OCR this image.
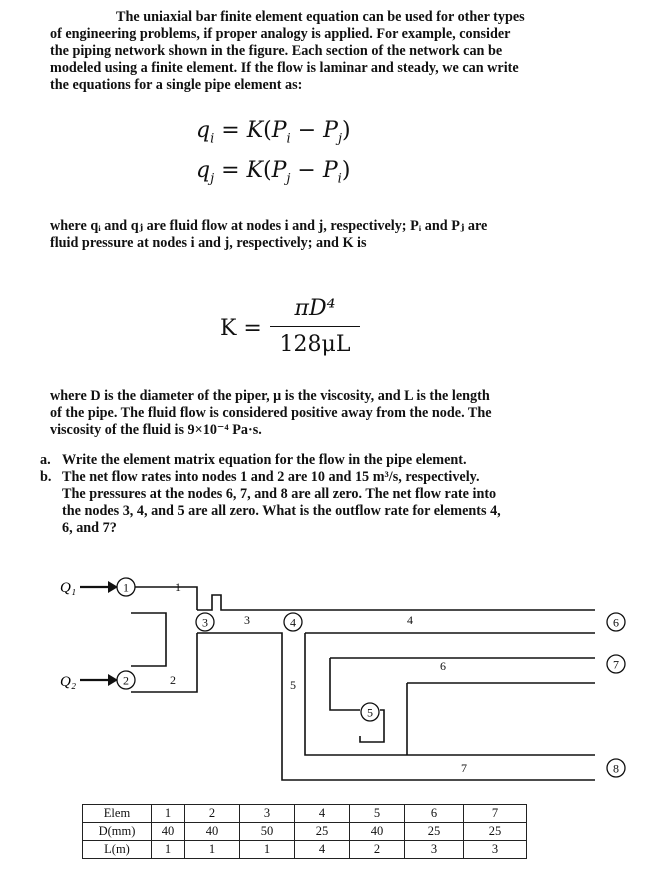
The uniaxial bar finite element equation can be used for other types
of engineering problems, if proper analogy is applied. For example, consider
the piping network shown in the figure. Each section of the network can be
modeled using a finite element. If the flow is laminar and steady, we can write
the equations for a single pipe element as:
$q_i = K(P_i - P_j)$
$q_j = K(P_j - P_i)$
where qᵢ and qⱼ are fluid flow at nodes i and j, respectively; Pᵢ and Pⱼ are
fluid pressure at nodes i and j, respectively; and K is
K =
πD⁴
128μL
where D is the diameter of the piper, μ is the viscosity, and L is the length
of the pipe. The fluid flow is considered positive away from the node. The
viscosity of the fluid is 9×10⁻⁴ Pa·s.
a. Write the element matrix equation for the flow in the pipe element.
b. The net flow rates into nodes 1 and 2 are 10 and 15 m³/s, respectively.
The pressures at the nodes 6, 7, and 8 are all zero. The net flow rate into
the nodes 3, 4, and 5 are all zero. What is the outflow rate for elements 4,
6, and 7?
Q₁
Q₂
1
2
3	4
5
6
7
8
1
2
3	4
5
6
7
Elem	1	2	3	4	5	6	7
D(mm)	40	40	50	25	40	25	25
L(m)	1	1	1	4	2	3	3
